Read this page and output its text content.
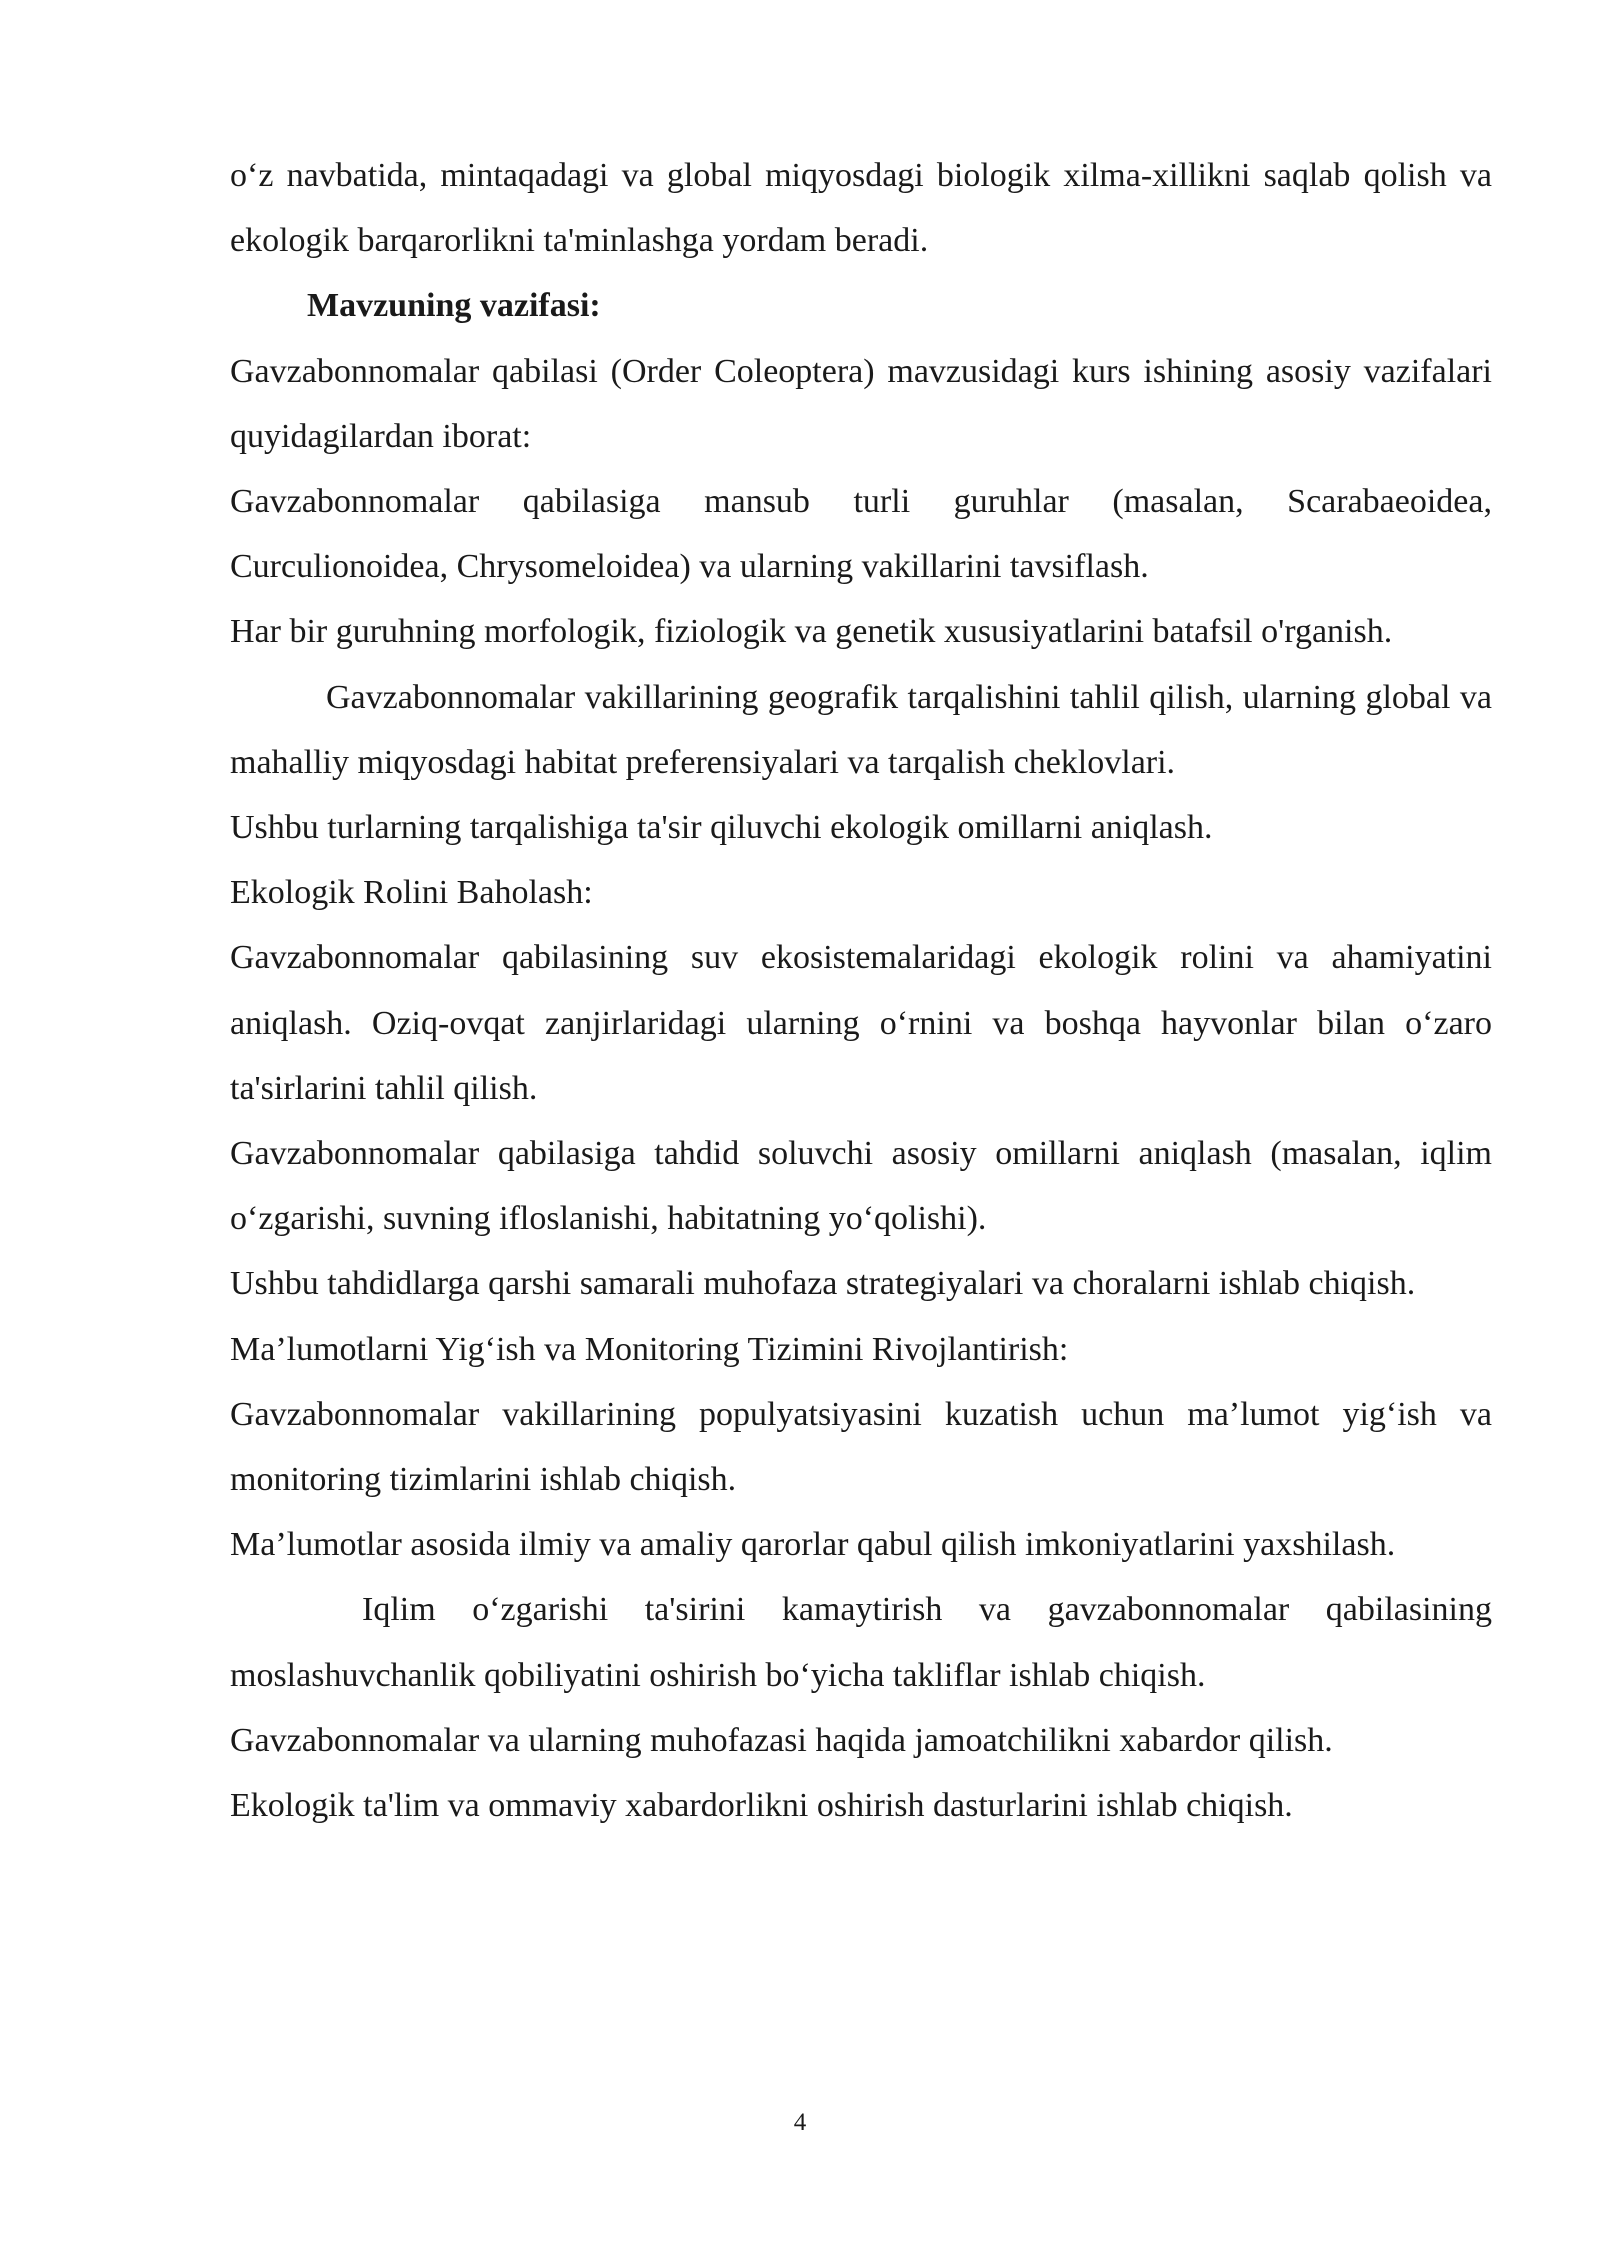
o‘z navbatida, mintaqadagi va global miqyosdagi biologik xilma-xillikni saqlab qolish va ekologik barqarorlikni ta'minlashga yordam beradi.

Mavzuning vazifasi:

Gavzabonnomalar qabilasi (Order Coleoptera) mavzusidagi kurs ishining asosiy vazifalari quyidagilardan iborat:

Gavzabonnomalar qabilasiga mansub turli guruhlar (masalan, Scarabaeoidea, Curculionoidea, Chrysomeloidea) va ularning vakillarini tavsiflash.

Har bir guruhning morfologik, fiziologik va genetik xususiyatlarini batafsil o'rganish.

Gavzabonnomalar vakillarining geografik tarqalishini tahlil qilish, ularning global va mahalliy miqyosdagi habitat preferensiyalari va tarqalish cheklovlari.

Ushbu turlarning tarqalishiga ta'sir qiluvchi ekologik omillarni aniqlash.

Ekologik Rolini Baholash:

Gavzabonnomalar qabilasining suv ekosistemalaridagi ekologik rolini va ahamiyatini aniqlash. Oziq-ovqat zanjirlaridagi ularning o‘rnini va boshqa hayvonlar bilan o‘zaro ta'sirlarini tahlil qilish.

Gavzabonnomalar qabilasiga tahdid soluvchi asosiy omillarni aniqlash (masalan, iqlim o‘zgarishi, suvning ifloslanishi, habitatning yo‘qolishi).

Ushbu tahdidlarga qarshi samarali muhofaza strategiyalari va choralarni ishlab chiqish.

Ma’lumotlarni Yig‘ish va Monitoring Tizimini Rivojlantirish:

Gavzabonnomalar vakillarining populyatsiyasini kuzatish uchun ma’lumot yig‘ish va monitoring tizimlarini ishlab chiqish.

Ma’lumotlar asosida ilmiy va amaliy qarorlar qabul qilish imkoniyatlarini yaxshilash.

Iqlim o‘zgarishi ta'sirini kamaytirish va gavzabonnomalar qabilasining moslashuvchanlik qobiliyatini oshirish bo‘yicha takliflar ishlab chiqish.

Gavzabonnomalar va ularning muhofazasi haqida jamoatchilikni xabardor qilish.

Ekologik ta'lim va ommaviy xabardorlikni oshirish dasturlarini ishlab chiqish.

4
